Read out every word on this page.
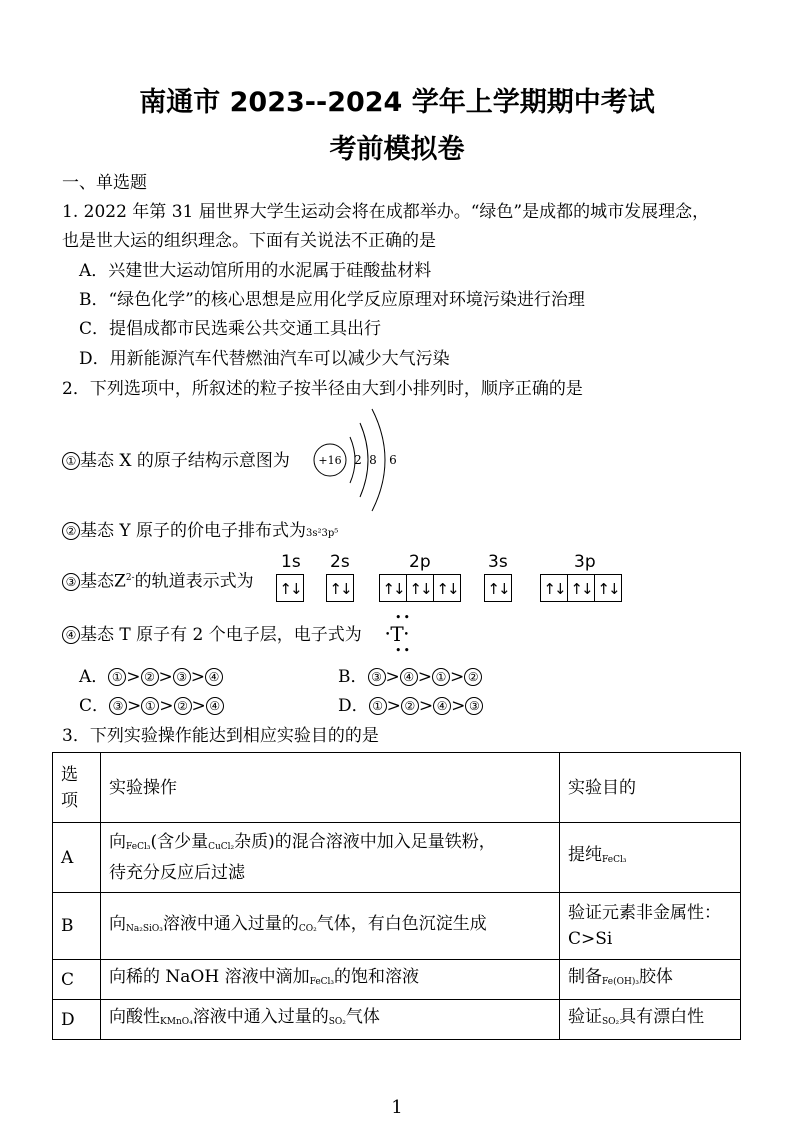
南通市 2023--2024 学年上学期期中考试
考前模拟卷
一、单选题
1. 2022 年第 31 届世界大学生运动会将在成都举办。“绿色”是成都的城市发展理念，
也是世大运的组织理念。下面有关说法不正确的是
A．兴建世大运动馆所用的水泥属于硅酸盐材料
B．“绿色化学”的核心思想是应用化学反应原理对环境污染进行治理
C．提倡成都市民选乘公共交通工具出行
D．用新能源汽车代替燃油汽车可以减少大气污染
2．下列选项中，所叙述的粒子按半径由大到小排列时，顺序正确的是
① 基态 X 的原子结构示意图为	+16 2 8 6
② 基态 Y 原子的价电子排布式为3s²3p⁵
③ 基态$Z^{2-}$的轨道表示式为
1s 2s	2p	3s	3p
↑↓ ↑↓ ↑↓ ↑↓ ↑↓ ↑↓ ↑↓ ↑↓ ↑↓
④ 基态 T 原子有 2 个电子层，电子式为
••
•T•
••
A． ① > ② > ③ > ④	B． ③ > ④ > ① > ②
C． ③ > ① > ② > ④	D． ① > ② > ④ > ③
3．下列实验操作能达到相应实验目的的是
选
项	实验操作	实验目的
A	向$_{FeCl_3}$(含少量$_{CuCl_2}$杂质)的混合溶液中加入足量铁粉，
待充分反应后过滤	提纯$_{FeCl_3}$
B	向$_{Na_2SiO_3}$溶液中通入过量的$_{CO_2}$气体，有白色沉淀生成	验证元素非金属性：
C>Si
C	向稀的 NaOH 溶液中滴加$_{FeCl_3}$的饱和溶液	制备$_{Fe(OH)_3}$胶体
D	向酸性$_{KMnO_4}$溶液中通入过量的$_{SO_2}$气体	验证$_{SO_2}$具有漂白性
1
